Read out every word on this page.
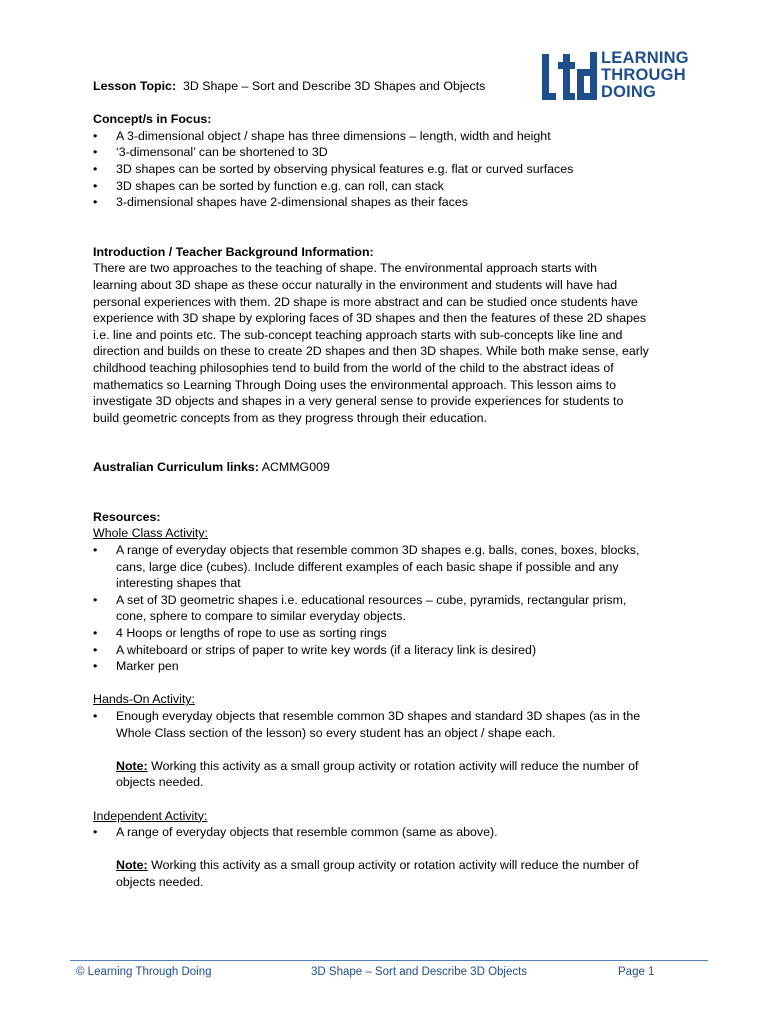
LEARNING
THROUGH
DOING
Lesson Topic: 3D Shape – Sort and Describe 3D Shapes and Objects
Concept/s in Focus:
• A 3-dimensional object / shape has three dimensions – length, width and height
• ‘3-dimensonal’ can be shortened to 3D
• 3D shapes can be sorted by observing physical features e.g. flat or curved surfaces
• 3D shapes can be sorted by function e.g. can roll, can stack
• 3-dimensional shapes have 2-dimensional shapes as their faces
Introduction / Teacher Background Information:
There are two approaches to the teaching of shape. The environmental approach starts with
learning about 3D shape as these occur naturally in the environment and students will have had
personal experiences with them. 2D shape is more abstract and can be studied once students have
experience with 3D shape by exploring faces of 3D shapes and then the features of these 2D shapes
i.e. line and points etc. The sub-concept teaching approach starts with sub-concepts like line and
direction and builds on these to create 2D shapes and then 3D shapes. While both make sense, early
childhood teaching philosophies tend to build from the world of the child to the abstract ideas of
mathematics so Learning Through Doing uses the environmental approach. This lesson aims to
investigate 3D objects and shapes in a very general sense to provide experiences for students to
build geometric concepts from as they progress through their education.
Australian Curriculum links: ACMMG009
Resources:
Whole Class Activity:
• A range of everyday objects that resemble common 3D shapes e.g. balls, cones, boxes, blocks,
cans, large dice (cubes). Include different examples of each basic shape if possible and any
interesting shapes that
• A set of 3D geometric shapes i.e. educational resources – cube, pyramids, rectangular prism,
cone, sphere to compare to similar everyday objects.
• 4 Hoops or lengths of rope to use as sorting rings
• A whiteboard or strips of paper to write key words (if a literacy link is desired)
• Marker pen
Hands-On Activity:
• Enough everyday objects that resemble common 3D shapes and standard 3D shapes (as in the
Whole Class section of the lesson) so every student has an object / shape each.
Note: Working this activity as a small group activity or rotation activity will reduce the number of
objects needed.
Independent Activity:
• A range of everyday objects that resemble common (same as above).
Note: Working this activity as a small group activity or rotation activity will reduce the number of
objects needed.
© Learning Through Doing	3D Shape – Sort and Describe 3D Objects	Page 1
